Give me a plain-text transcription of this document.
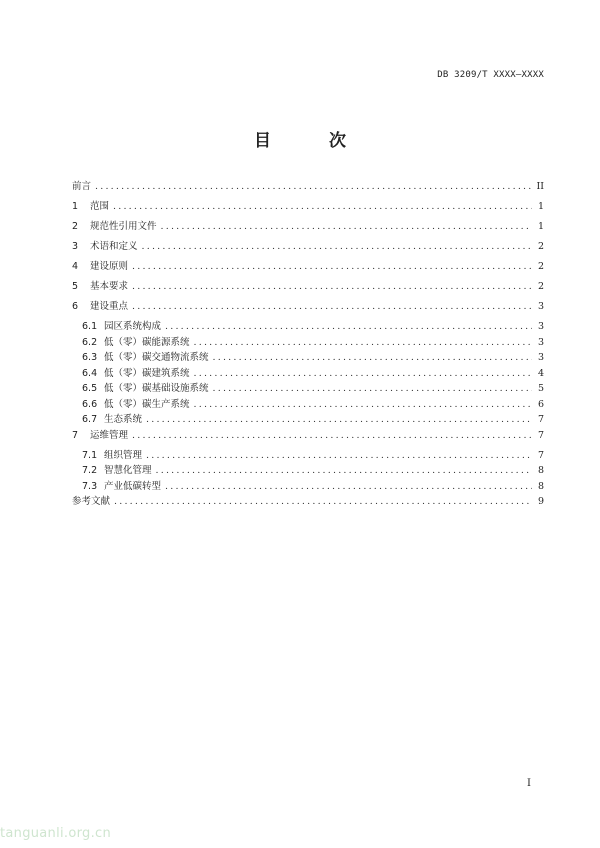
DB 3209/T XXXX—XXXX
目 次
前言 .....	II
1	范围 .....	1
2	规范性引用文件 .....	1
3	术语和定义 .....	2
4	建设原则 .....	2
5	基本要求 .....	2
6	建设重点 .....	3
6.1 园区系统构成 .....	3
6.2 低（零）碳能源系统 .....	3
6.3 低（零）碳交通物流系统 .....	3
6.4 低（零）碳建筑系统 .....	4
6.5 低（零）碳基础设施系统 .....	5
6.6 低（零）碳生产系统 .....	6
6.7 生态系统 .....	7
7	运维管理 .....	7
7.1 组织管理 .....	7
7.2 智慧化管理 .....	8
7.3 产业低碳转型 .....	8
参考文献 .....	9
I
tanguanli.org.cn
